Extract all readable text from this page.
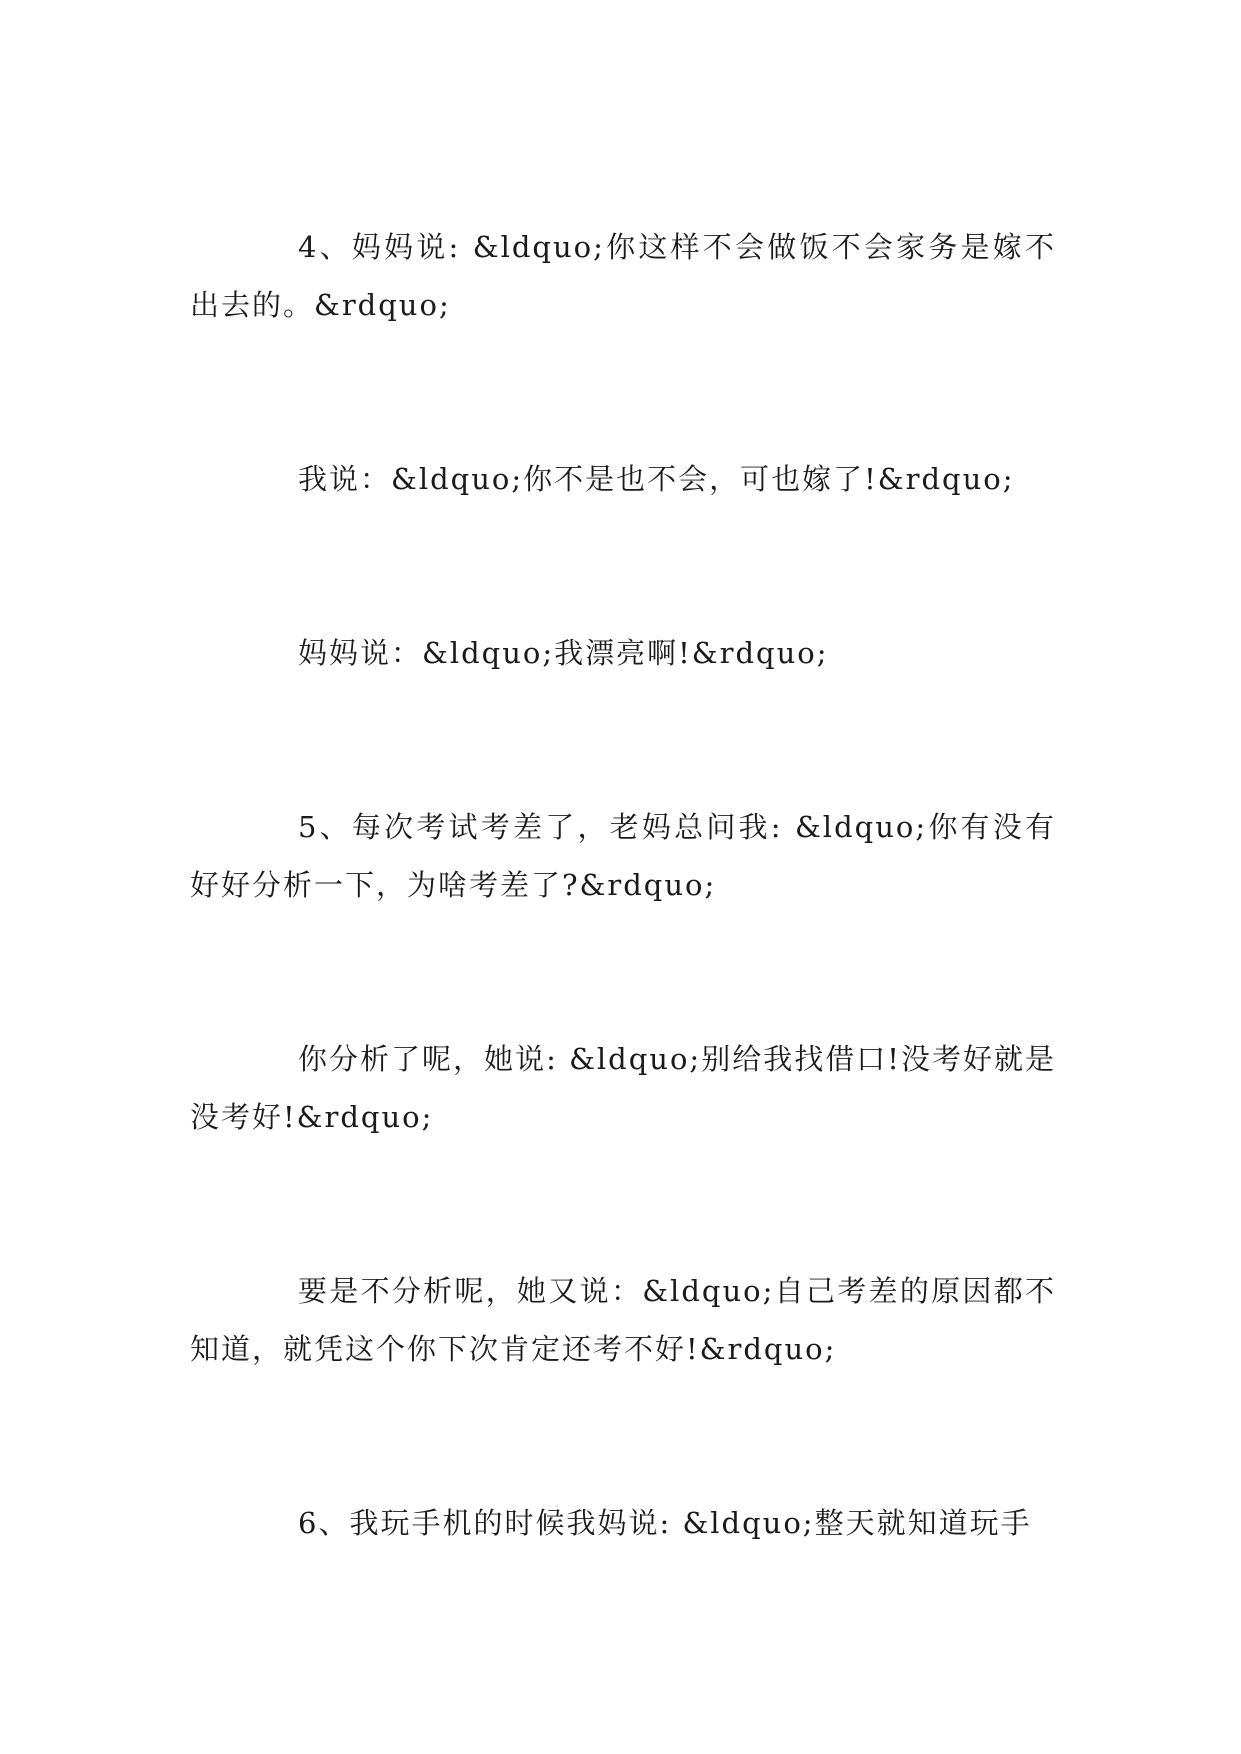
4、妈妈说: &ldquo;你这样不会做饭不会家务是嫁不出去的。&rdquo;

我说：&ldquo;你不是也不会，可也嫁了!&rdquo;

妈妈说：&ldquo;我漂亮啊!&rdquo;

5、每次考试考差了，老妈总问我: &ldquo;你有没有好好分析一下，为啥考差了?&rdquo;

你分析了呢，她说: &ldquo;别给我找借口!没考好就是没考好!&rdquo;

要是不分析呢，她又说：&ldquo;自己考差的原因都不知道，就凭这个你下次肯定还考不好!&rdquo;

6、我玩手机的时候我妈说: &ldquo;整天就知道玩手
